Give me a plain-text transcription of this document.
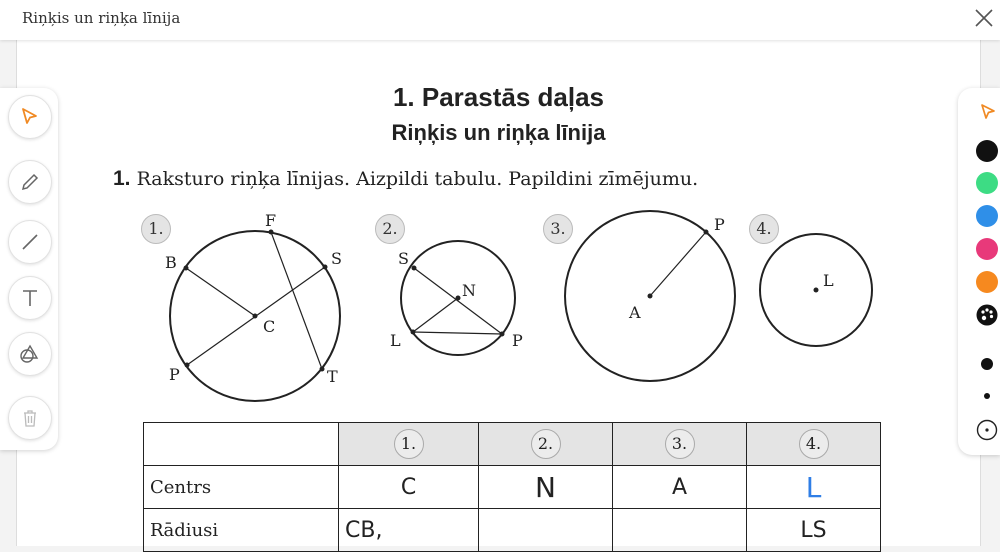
Riņķis un riņķa līnija
1. Parastās daļas
Riņķis un riņķa līnija
1. Raksturo riņķa līnijas. Aizpildi tabulu. Papildini zīmējumu.
1.	2.	3.	4.
F
B	S
C
P	T
S
N
L	P
P
A
L
	1.	2.	3.	4.
Centrs	C	N	A	L
Rādiusi	CB,			LS
